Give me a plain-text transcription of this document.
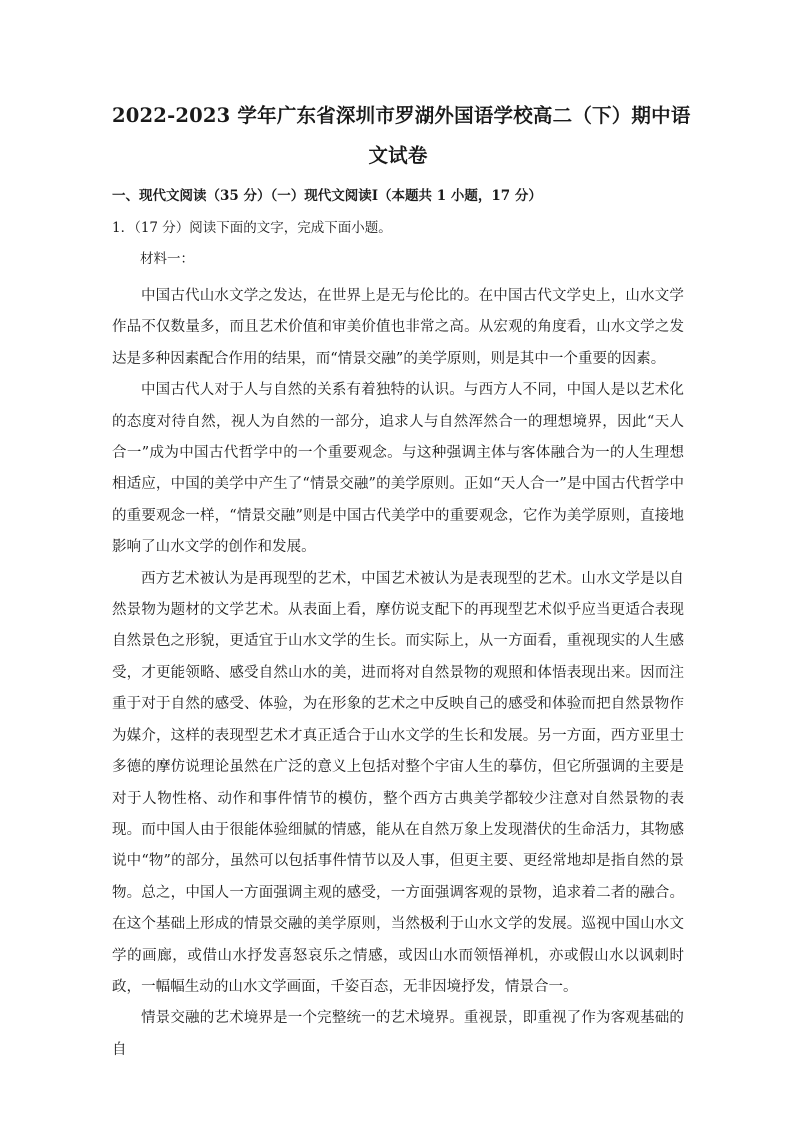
2022-2023 学年广东省深圳市罗湖外国语学校高二（下）期中语
文试卷
一、现代文阅读（35 分）（一）现代文阅读Ⅰ（本题共 1 小题，17 分）
1．（17 分）阅读下面的文字，完成下面小题。
材料一：

中国古代山水文学之发达，在世界上是无与伦比的。在中国古代文学史上，山水文学作品不仅数量多，而且艺术价值和审美价值也非常之高。从宏观的角度看，山水文学之发达是多种因素配合作用的结果，而“情景交融”的美学原则，则是其中一个重要的因素。

中国古代人对于人与自然的关系有着独特的认识。与西方人不同，中国人是以艺术化的态度对待自然，视人为自然的一部分，追求人与自然浑然合一的理想境界，因此“天人合一”成为中国古代哲学中的一个重要观念。与这种强调主体与客体融合为一的人生理想相适应，中国的美学中产生了“情景交融”的美学原则。正如“天人合一”是中国古代哲学中的重要观念一样，“情景交融”则是中国古代美学中的重要观念，它作为美学原则，直接地影响了山水文学的创作和发展。

西方艺术被认为是再现型的艺术，中国艺术被认为是表现型的艺术。山水文学是以自然景物为题材的文学艺术。从表面上看，摩仿说支配下的再现型艺术似乎应当更适合表现自然景色之形貌，更适宜于山水文学的生长。而实际上，从一方面看，重视现实的人生感受，才更能领略、感受自然山水的美，进而将对自然景物的观照和体悟表现出来。因而注重于对于自然的感受、体验，为在形象的艺术之中反映自己的感受和体验而把自然景物作为媒介，这样的表现型艺术才真正适合于山水文学的生长和发展。另一方面，西方亚里士多德的摩仿说理论虽然在广泛的意义上包括对整个宇宙人生的摹仿，但它所强调的主要是对于人物性格、动作和事件情节的模仿，整个西方古典美学都较少注意对自然景物的表现。而中国人由于很能体验细腻的情感，能从在自然万象上发现潜伏的生命活力，其物感说中“物”的部分，虽然可以包括事件情节以及人事，但更主要、更经常地却是指自然的景物。总之，中国人一方面强调主观的感受，一方面强调客观的景物，追求着二者的融合。在这个基础上形成的情景交融的美学原则，当然极利于山水文学的发展。巡视中国山水文学的画廊，或借山水抒发喜怒哀乐之情感，或因山水而领悟禅机，亦或假山水以讽刺时政，一幅幅生动的山水文学画面，千姿百态，无非因境抒发，情景合一。

情景交融的艺术境界是一个完整统一的艺术境界。重视景，即重视了作为客观基础的自
